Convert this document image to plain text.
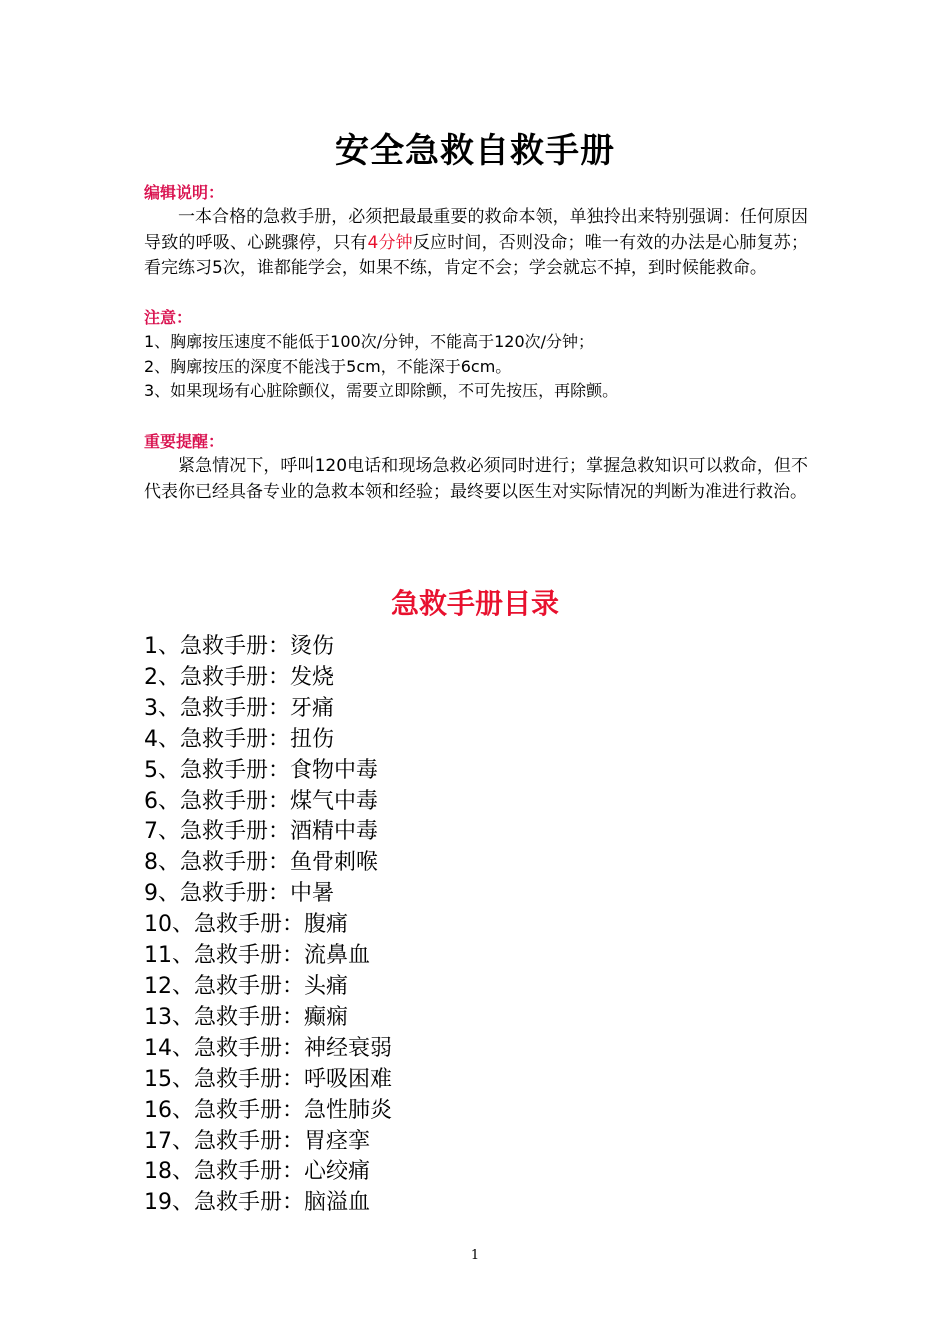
安全急救自救手册
编辑说明：

一本合格的急救手册，必须把最最重要的救命本领，单独拎出来特别强调：任何原因导致的呼吸、心跳骤停，只有4分钟反应时间，否则没命；唯一有效的办法是心肺复苏；看完练习5次，谁都能学会，如果不练，肯定不会；学会就忘不掉，到时候能救命。

注意：
1、胸廓按压速度不能低于100次/分钟，不能高于120次/分钟；
2、胸廓按压的深度不能浅于5cm，不能深于6cm。
3、如果现场有心脏除颤仪，需要立即除颤，不可先按压，再除颤。
重要提醒：

紧急情况下，呼叫120电话和现场急救必须同时进行；掌握急救知识可以救命，但不代表你已经具备专业的急救本领和经验；最终要以医生对实际情况的判断为准进行救治。

急救手册目录
1、急救手册：烫伤
2、急救手册：发烧
3、急救手册：牙痛
4、急救手册：扭伤
5、急救手册：食物中毒
6、急救手册：煤气中毒
7、急救手册：酒精中毒
8、急救手册：鱼骨刺喉
9、急救手册：中暑
10、急救手册：腹痛
11、急救手册：流鼻血
12、急救手册：头痛
13、急救手册：癫痫
14、急救手册：神经衰弱
15、急救手册：呼吸困难
16、急救手册：急性肺炎
17、急救手册：胃痉挛
18、急救手册：心绞痛
19、急救手册：脑溢血
1
